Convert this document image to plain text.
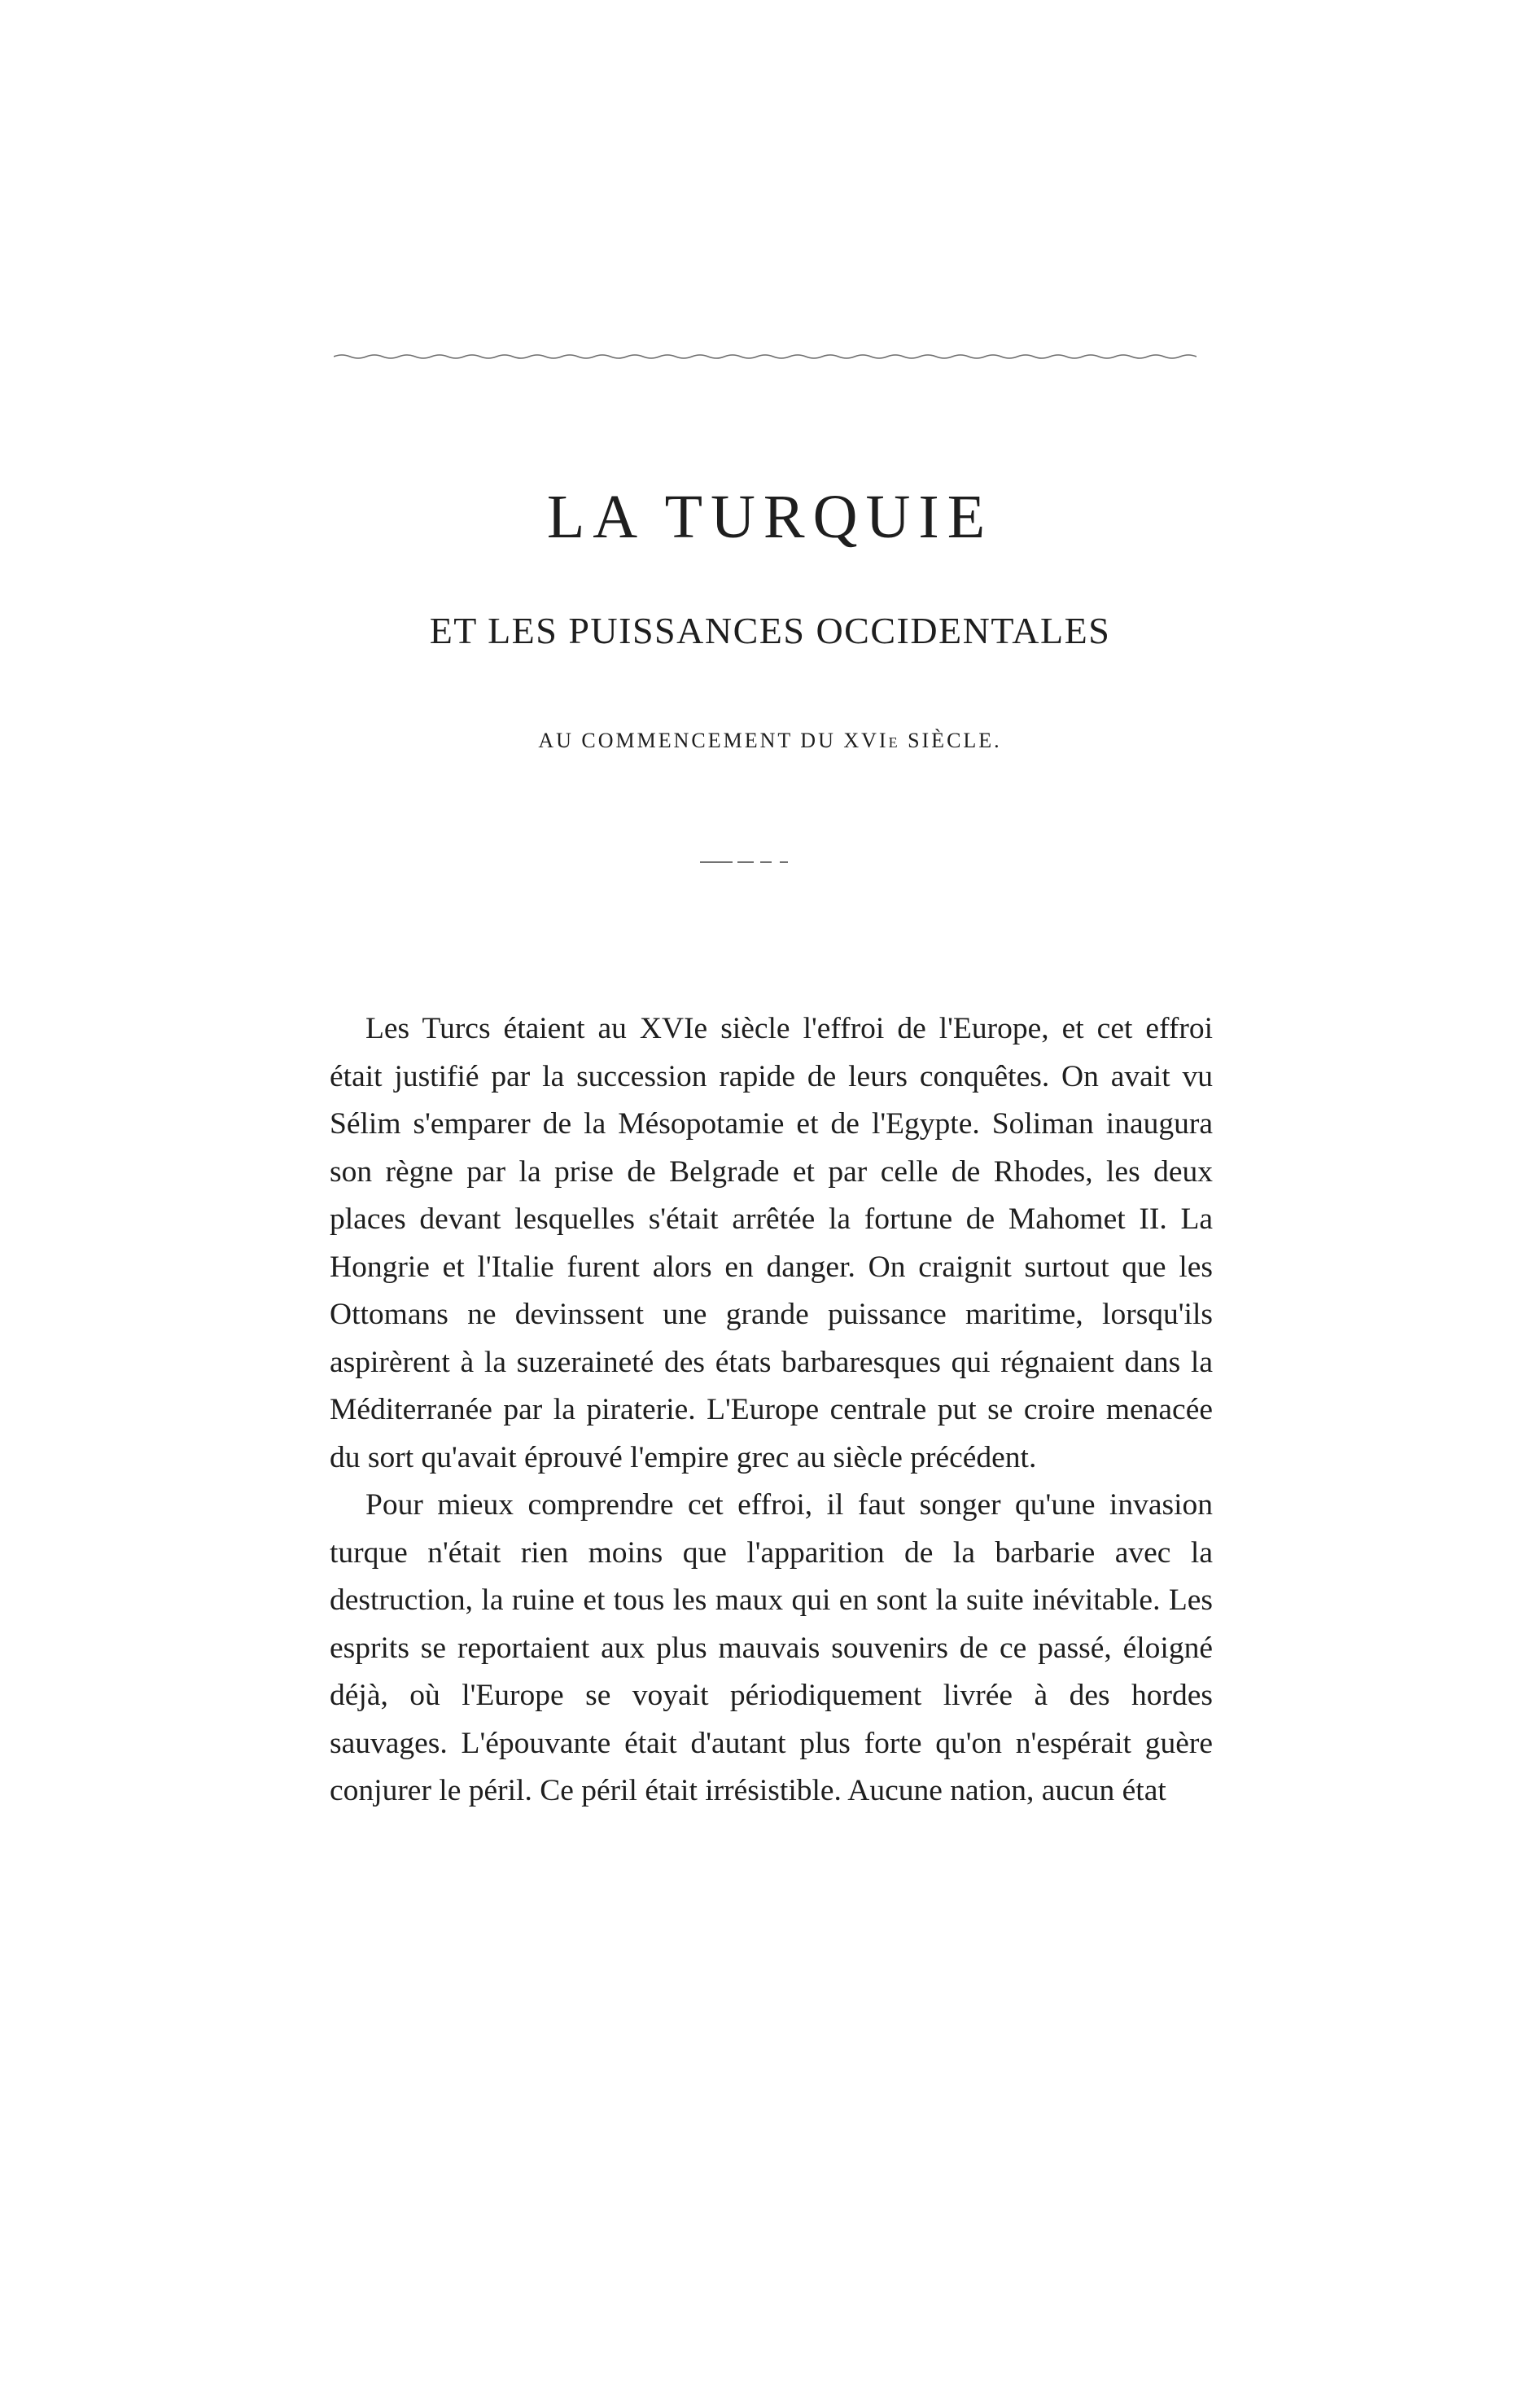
LA TURQUIE
ET LES PUISSANCES OCCIDENTALES
AU COMMENCEMENT DU XVIe SIÈCLE.

Les Turcs étaient au XVIe siècle l'effroi de l'Europe, et cet effroi était justifié par la succession rapide de leurs conquêtes. On avait vu Sélim s'emparer de la Mésopotamie et de l'Egypte. Soliman inaugura son règne par la prise de Belgrade et par celle de Rhodes, les deux places devant lesquelles s'était arrêtée la fortune de Mahomet II. La Hongrie et l'Italie furent alors en danger. On craignit surtout que les Ottomans ne devinssent une grande puissance maritime, lorsqu'ils aspirèrent à la suzeraineté des états barbaresques qui régnaient dans la Méditerranée par la piraterie. L'Europe centrale put se croire menacée du sort qu'avait éprouvé l'empire grec au siècle précédent.

Pour mieux comprendre cet effroi, il faut songer qu'une invasion turque n'était rien moins que l'apparition de la barbarie avec la destruction, la ruine et tous les maux qui en sont la suite inévitable. Les esprits se reportaient aux plus mauvais souvenirs de ce passé, éloigné déjà, où l'Europe se voyait périodiquement livrée à des hordes sauvages. L'épouvante était d'autant plus forte qu'on n'espérait guère conjurer le péril. Ce péril était irrésistible. Aucune nation, aucun état
